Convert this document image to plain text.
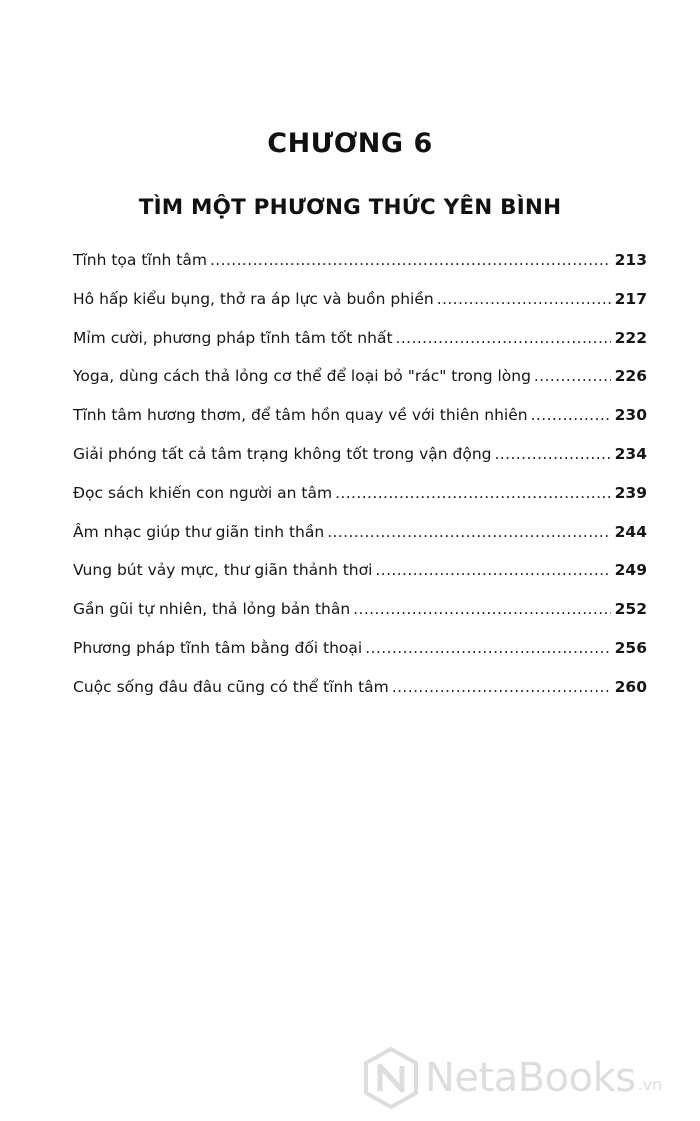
CHƯƠNG 6
TÌM MỘT PHƯƠNG THỨC YÊN BÌNH
Tĩnh tọa tĩnh tâm .....	213
Hô hấp kiểu bụng, thở ra áp lực và buồn phiền .....	217
Mỉm cười, phương pháp tĩnh tâm tốt nhất .....	222
Yoga, dùng cách thả lỏng cơ thể để loại bỏ "rác" trong lòng .....	226
Tĩnh tâm hương thơm, để tâm hồn quay về với thiên nhiên .....	230
Giải phóng tất cả tâm trạng không tốt trong vận động .....	234
Đọc sách khiến con người an tâm .....	239
Âm nhạc giúp thư giãn tinh thần .....	244
Vung bút vảy mực, thư giãn thảnh thơi .....	249
Gần gũi tự nhiên, thả lỏng bản thân .....	252
Phương pháp tĩnh tâm bằng đối thoại .....	256
Cuộc sống đâu đâu cũng có thể tĩnh tâm .....	260
NetaBooks .vn
